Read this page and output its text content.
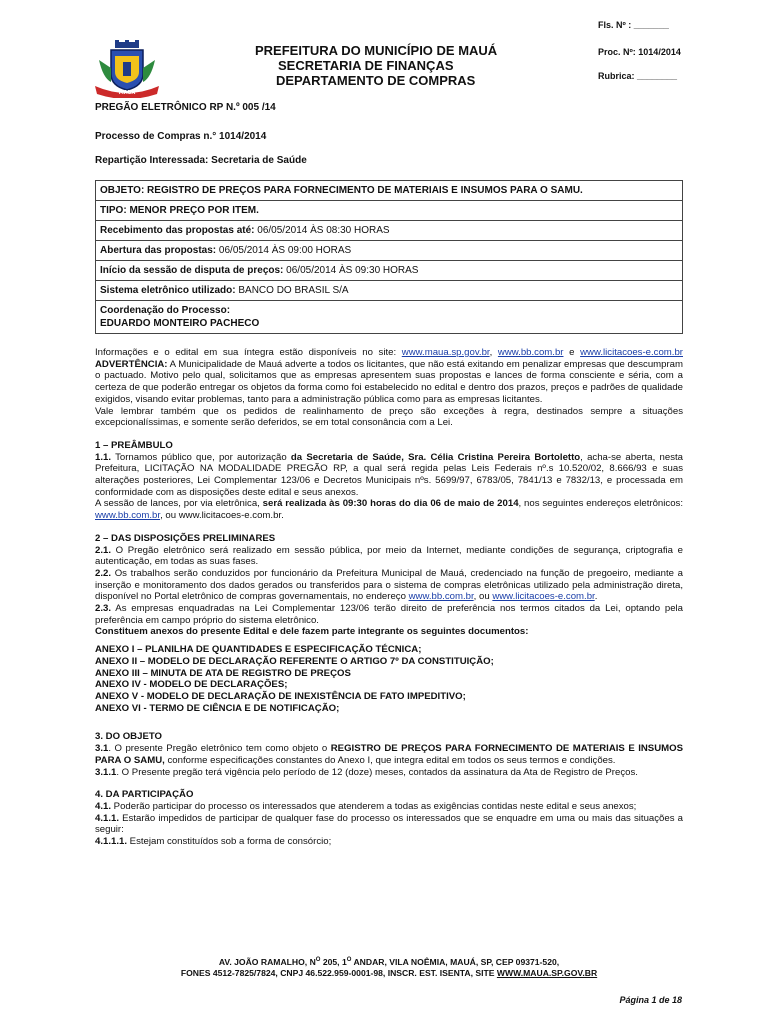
MAUÁ
PREFEITURA DO MUNICÍPIO DE MAUÁ
SECRETARIA DE FINANÇAS
DEPARTAMENTO DE COMPRAS
Fls. Nº : _______
Proc. Nº: 1014/2014
Rubrica: ________
PREGÃO ELETRÔNICO RP N.º 005 /14
Processo de Compras n.° 1014/2014
Repartição Interessada: Secretaria de Saúde
OBJETO: REGISTRO DE PREÇOS PARA FORNECIMENTO DE MATERIAIS E INSUMOS PARA O SAMU.
TIPO: MENOR PREÇO POR ITEM.
Recebimento das propostas até: 06/05/2014 ÀS 08:30 HORAS
Abertura das propostas: 06/05/2014 ÀS 09:00 HORAS
Início da sessão de disputa de preços: 06/05/2014 ÀS 09:30 HORAS
Sistema eletrônico utilizado: BANCO DO BRASIL S/A
Coordenação do Processo:
EDUARDO MONTEIRO PACHECO

Informações e o edital em sua íntegra estão disponíveis no site: www.maua.sp.gov.br, www.bb.com.br e www.licitacoes-e.com.br ADVERTÊNCIA: A Municipalidade de Mauá adverte a todos os licitantes, que não está exitando em penalizar empresas que descumpram o pactuado. Motivo pelo qual, solicitamos que as empresas apresentem suas propostas e lances de forma consciente e séria, com a certeza de que poderão entregar os objetos da forma como foi estabelecido no edital e dentro dos prazos, preços e padrões de qualidade exigidos, visando evitar problemas, tanto para a administração pública como para as empresas licitantes.

Vale lembrar também que os pedidos de realinhamento de preço são exceções à regra, destinados sempre a situações excepcionalíssimas, e somente serão deferidos, se em total consonância com a Lei.

1 – PREÂMBULO

1.1. Tornamos público que, por autorização da Secretaria de Saúde, Sra. Célia Cristina Pereira Bortoletto, acha-se aberta, nesta Prefeitura, LICITAÇÃO NA MODALIDADE PREGÃO RP, a qual será regida pelas Leis Federais nº.s 10.520/02, 8.666/93 e suas alterações posteriores, Lei Complementar 123/06 e Decretos Municipais nºs. 5699/97, 6783/05, 7841/13 e 7832/13, e processada em conformidade com as disposições deste edital e seus anexos.

A sessão de lances, por via eletrônica, será realizada às 09:30 horas do dia 06 de maio de 2014, nos seguintes endereços eletrônicos: www.bb.com.br, ou www.licitacoes-e.com.br.

2 – DAS DISPOSIÇÕES PRELIMINARES

2.1. O Pregão eletrônico será realizado em sessão pública, por meio da Internet, mediante condições de segurança, criptografia e autenticação, em todas as suas fases.

2.2. Os trabalhos serão conduzidos por funcionário da Prefeitura Municipal de Mauá, credenciado na função de pregoeiro, mediante a inserção e monitoramento dos dados gerados ou transferidos para o sistema de compras eletrônicas utilizado pela administração direta, disponível no Portal eletrônico de compras governamentais, no endereço www.bb.com.br, ou www.licitacoes-e.com.br.

2.3. As empresas enquadradas na Lei Complementar 123/06 terão direito de preferência nos termos citados da Lei, optando pela preferência em campo próprio do sistema eletrônico.

Constituem anexos do presente Edital e dele fazem parte integrante os seguintes documentos:

ANEXO I – PLANILHA DE QUANTIDADES E ESPECIFICAÇÃO TÉCNICA;
ANEXO II – MODELO DE DECLARAÇÃO REFERENTE O ARTIGO 7º DA CONSTITUIÇÃO;
ANEXO III – MINUTA DE ATA DE REGISTRO DE PREÇOS
ANEXO IV - MODELO DE DECLARAÇÕES;
ANEXO V - MODELO DE DECLARAÇÃO DE INEXISTÊNCIA DE FATO IMPEDITIVO;
ANEXO VI - TERMO DE CIÊNCIA E DE NOTIFICAÇÃO;

3. DO OBJETO

3.1. O presente Pregão eletrônico tem como objeto o REGISTRO DE PREÇOS PARA FORNECIMENTO DE MATERIAIS E INSUMOS PARA O SAMU, conforme especificações constantes do Anexo I, que integra edital em todos os seus termos e condições.

3.1.1. O Presente pregão terá vigência pelo período de 12 (doze) meses, contados da assinatura da Ata de Registro de Preços.

4. DA PARTICIPAÇÃO

4.1. Poderão participar do processo os interessados que atenderem a todas as exigências contidas neste edital e seus anexos;

4.1.1. Estarão impedidos de participar de qualquer fase do processo os interessados que se enquadre em uma ou mais das situações a seguir:

4.1.1.1. Estejam constituídos sob a forma de consórcio;

AV. JOÃO RAMALHO, $N^O$ 205, $1^O$ ANDAR, VILA NOÊMIA, MAUÁ, SP, CEP 09371-520,
FONES 4512-7825/7824, CNPJ 46.522.959-0001-98, INSCR. EST. ISENTA, SITE WWW.MAUA.SP.GOV.BR
Página 1 de 18
